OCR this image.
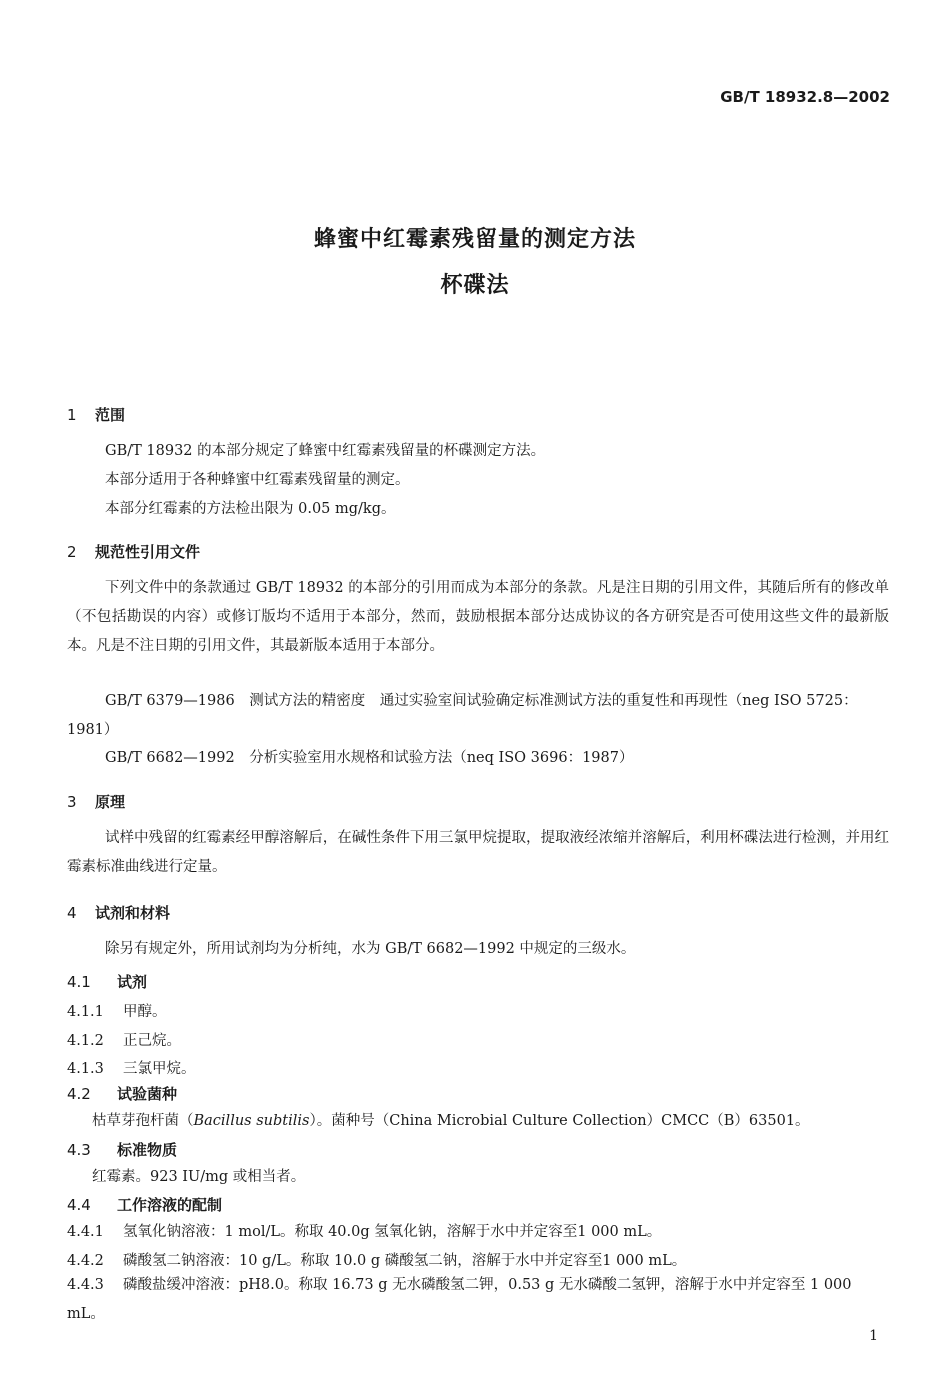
GB/T 18932.8—2002
蜂蜜中红霉素残留量的测定方法
杯碟法
1 范围
GB/T 18932 的本部分规定了蜂蜜中红霉素残留量的杯碟测定方法。
本部分适用于各种蜂蜜中红霉素残留量的测定。
本部分红霉素的方法检出限为 0.05 mg/kg。
2 规范性引用文件
下列文件中的条款通过 GB/T 18932 的本部分的引用而成为本部分的条款。凡是注日期的引用文件，其随后所有的修改单（不包括勘误的内容）或修订版均不适用于本部分，然而，鼓励根据本部分达成协议的各方研究是否可使用这些文件的最新版本。凡是不注日期的引用文件，其最新版本适用于本部分。
GB/T 6379—1986　测试方法的精密度　通过实验室间试验确定标准测试方法的重复性和再现性（neg ISO 5725：1981）
GB/T 6682—1992　分析实验室用水规格和试验方法（neq ISO 3696：1987）
3 原理
试样中残留的红霉素经甲醇溶解后，在碱性条件下用三氯甲烷提取，提取液经浓缩并溶解后，利用杯碟法进行检测，并用红霉素标准曲线进行定量。
4 试剂和材料
除另有规定外，所用试剂均为分析纯，水为 GB/T 6682—1992 中规定的三级水。
4.1 试剂
4.1.1 甲醇。
4.1.2 正己烷。
4.1.3 三氯甲烷。
4.2 试验菌种
枯草芽孢杆菌（Bacillus subtilis）。菌种号（China Microbial Culture Collection）CMCC（B）63501。
4.3 标准物质
红霉素。923 IU/mg 或相当者。
4.4 工作溶液的配制
4.4.1 氢氧化钠溶液：1 mol/L。称取 40.0g 氢氧化钠，溶解于水中并定容至1 000 mL。
4.4.2 磷酸氢二钠溶液：10 g/L。称取 10.0 g 磷酸氢二钠，溶解于水中并定容至1 000 mL。
4.4.3 磷酸盐缓冲溶液：pH8.0。称取 16.73 g 无水磷酸氢二钾，0.53 g 无水磷酸二氢钾，溶解于水中并定容至 1 000 mL。
1
